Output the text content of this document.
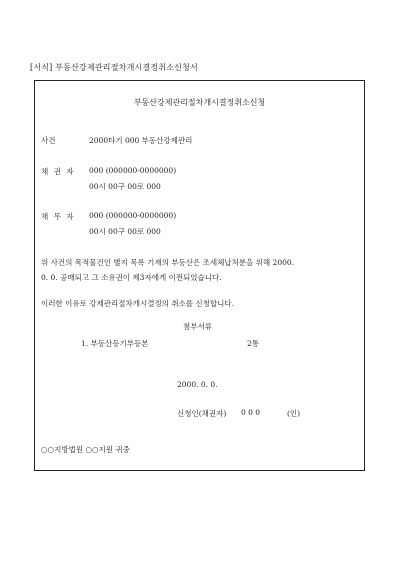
[서식] 부동산강제관리절차개시결정취소신청서
부동산강제관리절차개시결정취소신청
사건	2000타기 000 부동산강제관리
채 권 자 000 (000000-0000000)
00시 00구 00로 000
채 무 자 000 (000000-0000000)
00시 00구 00로 000
위 사건의 목적물건인 별지 목록 기재의 부동산은 조세체납처분을 위해 2000.
0. 0. 공매되고 그 소유권이 제3자에게 이전되었습니다.
이러한 이유로 강제관리절차개시결정의 취소를 신청합니다.
첨부서류
1. 부동산등기부등본	2통
2000. 0. 0.
신청인(채권자) 0 0 0	(인)
○○지방법원 ○○지원 귀중
